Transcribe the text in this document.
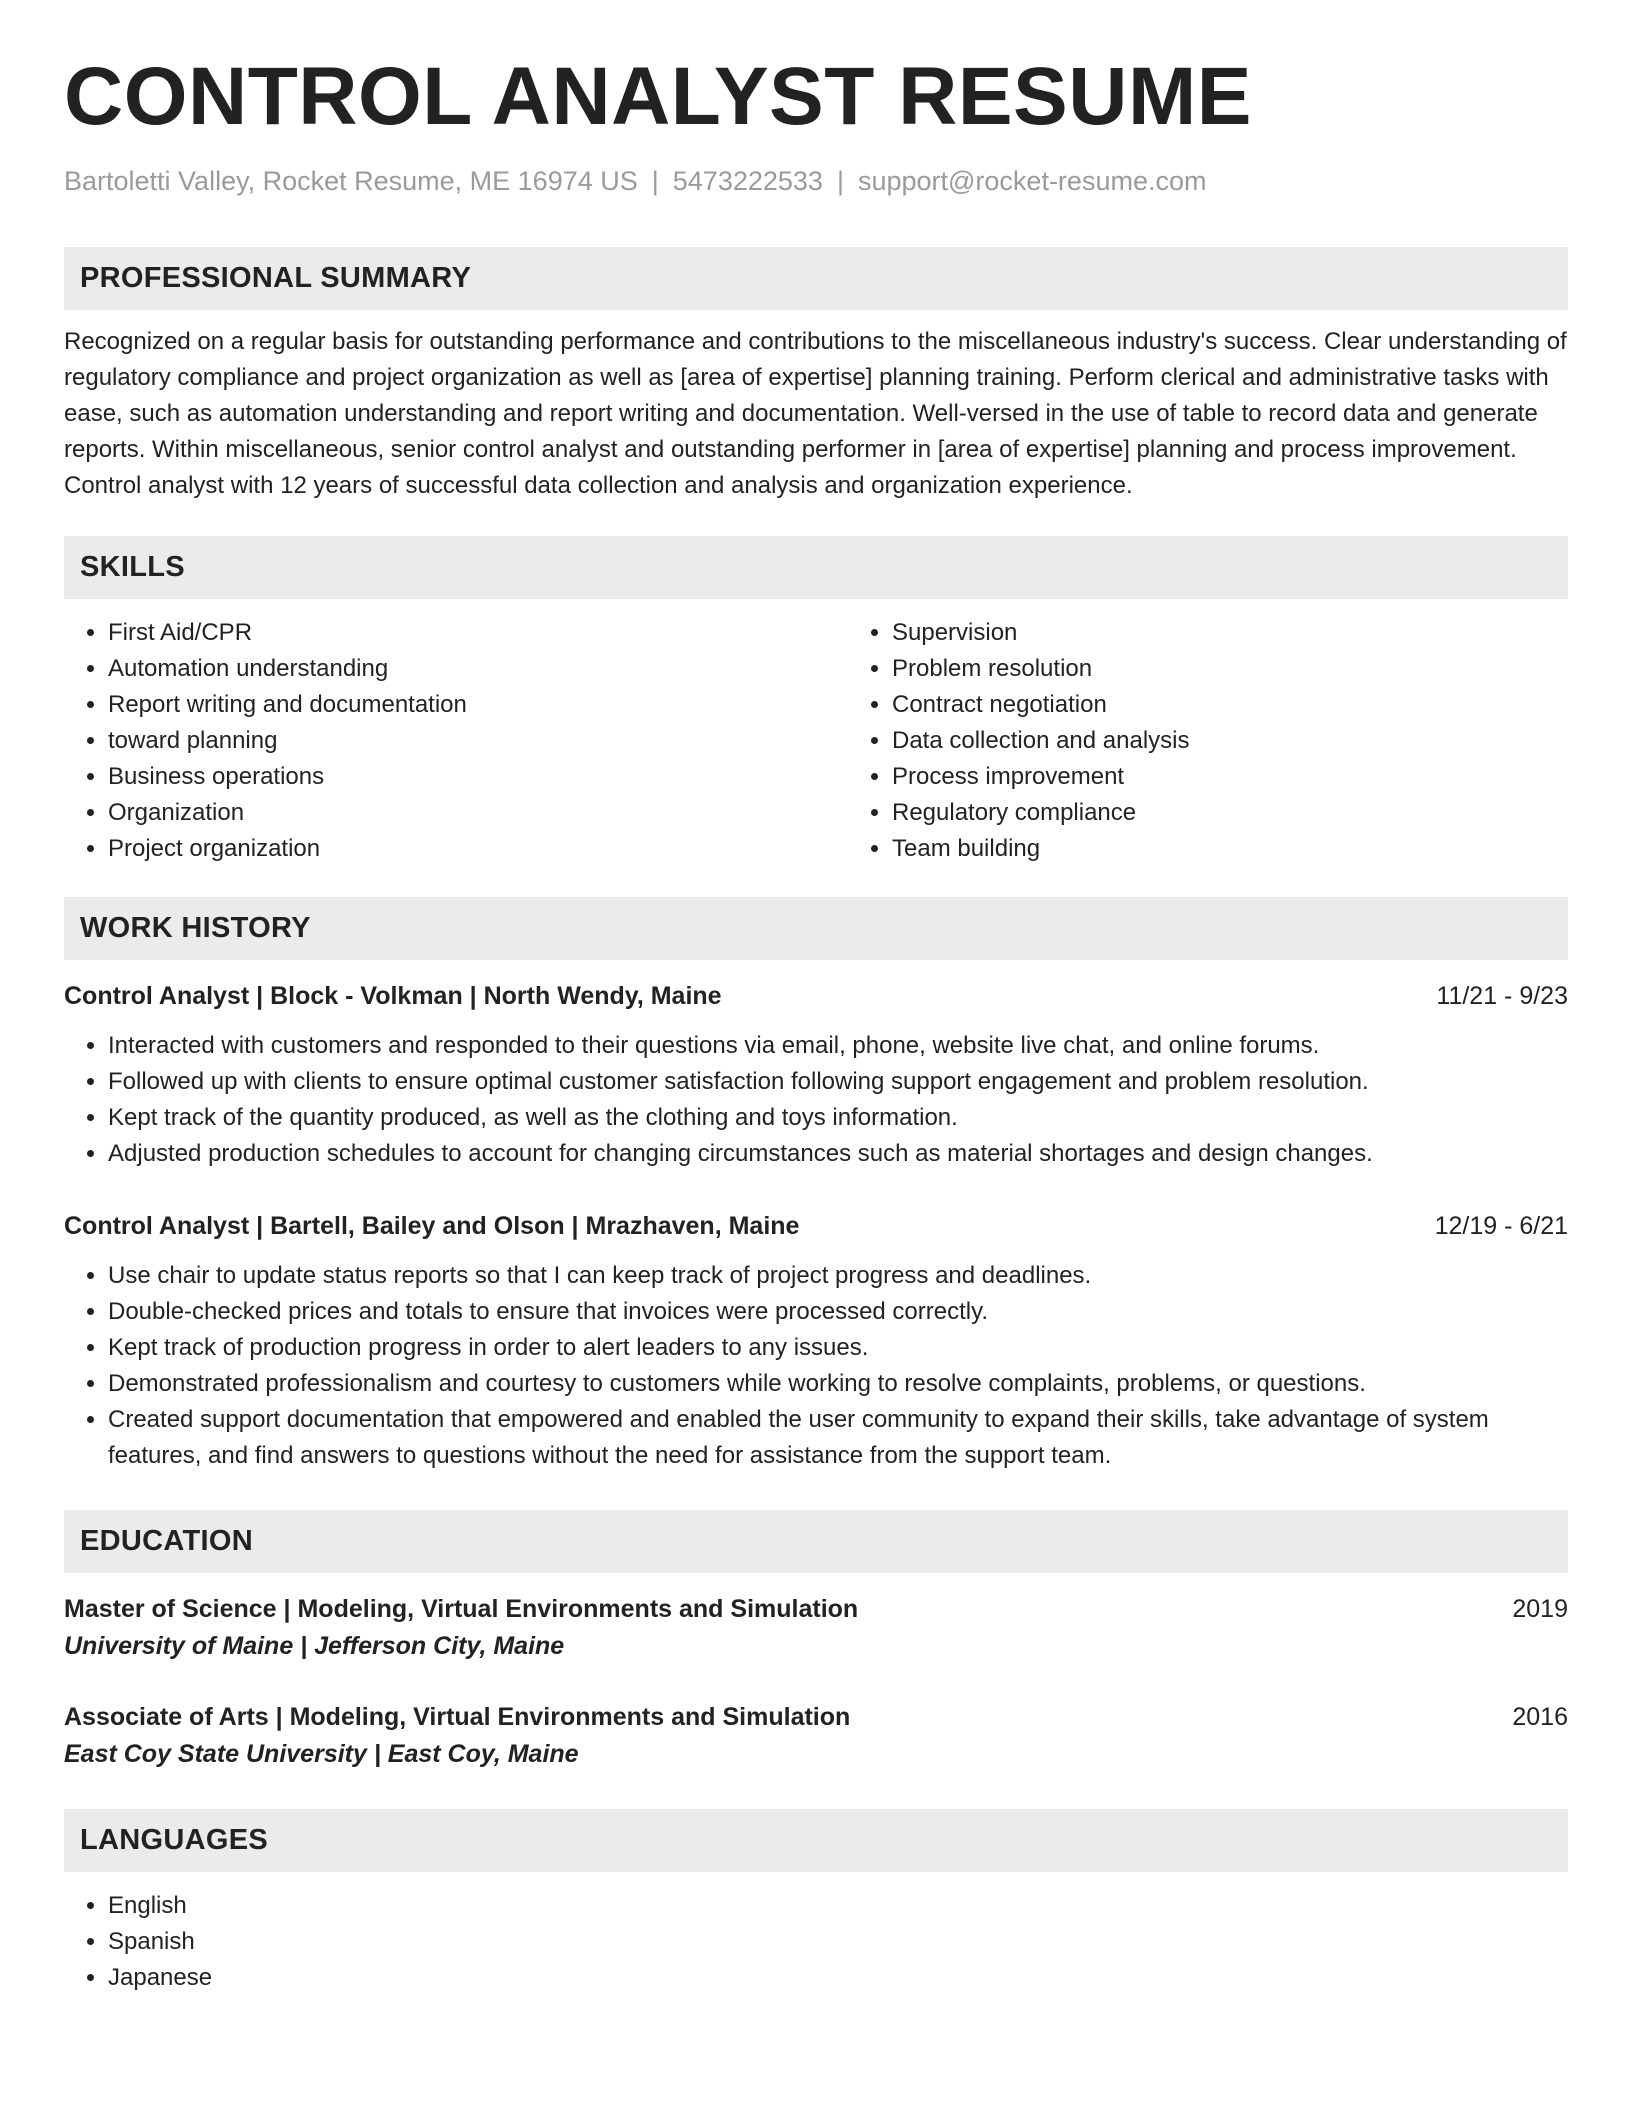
CONTROL ANALYST RESUME
Bartoletti Valley, Rocket Resume, ME 16974 US | 5473222533 | support@rocket-resume.com
PROFESSIONAL SUMMARY

Recognized on a regular basis for outstanding performance and contributions to the miscellaneous industry's success. Clear understanding of regulatory compliance and project organization as well as [area of expertise] planning training. Perform clerical and administrative tasks with ease, such as automation understanding and report writing and documentation. Well-versed in the use of table to record data and generate reports. Within miscellaneous, senior control analyst and outstanding performer in [area of expertise] planning and process improvement. Control analyst with 12 years of successful data collection and analysis and organization experience.

SKILLS
• First Aid/CPR
• Automation understanding
• Report writing and documentation
• toward planning
• Business operations
• Organization
• Project organization
• Supervision
• Problem resolution
• Contract negotiation
• Data collection and analysis
• Process improvement
• Regulatory compliance
• Team building
WORK HISTORY
Control Analyst | Block - Volkman | North Wendy, Maine	11/21 - 9/23
• Interacted with customers and responded to their questions via email, phone, website live chat, and online forums.
• Followed up with clients to ensure optimal customer satisfaction following support engagement and problem resolution.
• Kept track of the quantity produced, as well as the clothing and toys information.
• Adjusted production schedules to account for changing circumstances such as material shortages and design changes.
Control Analyst | Bartell, Bailey and Olson | Mrazhaven, Maine	12/19 - 6/21
• Use chair to update status reports so that I can keep track of project progress and deadlines.
• Double-checked prices and totals to ensure that invoices were processed correctly.
• Kept track of production progress in order to alert leaders to any issues.
• Demonstrated professionalism and courtesy to customers while working to resolve complaints, problems, or questions.
• Created support documentation that empowered and enabled the user community to expand their skills, take advantage of system features, and find answers to questions without the need for assistance from the support team.
EDUCATION
Master of Science | Modeling, Virtual Environments and Simulation	2019
University of Maine | Jefferson City, Maine
Associate of Arts | Modeling, Virtual Environments and Simulation	2016
East Coy State University | East Coy, Maine
LANGUAGES
• English
• Spanish
• Japanese
